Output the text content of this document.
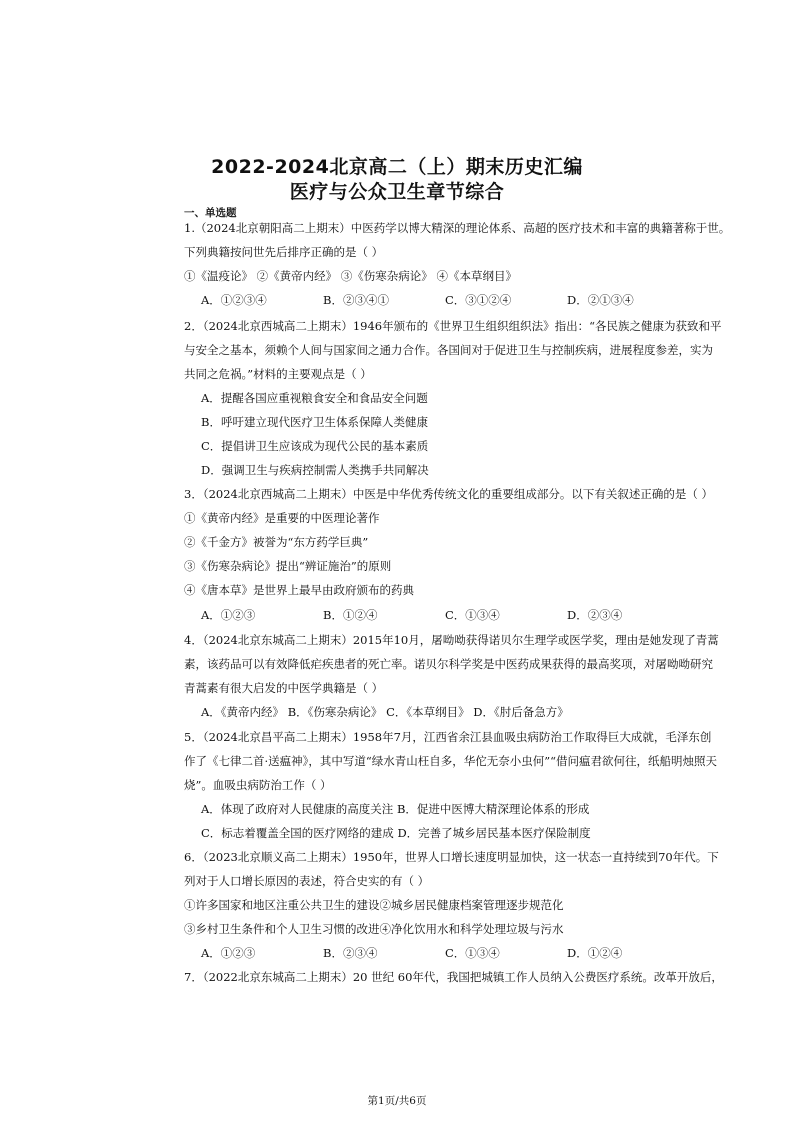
2022-2024北京高二（上）期末历史汇编
医疗与公众卫生章节综合
一、单选题
1.（2024北京朝阳高二上期末）中医药学以博大精深的理论体系、高超的医疗技术和丰富的典籍著称于世。
下列典籍按问世先后排序正确的是（ ）
①《温疫论》 ②《黄帝内经》 ③《伤寒杂病论》 ④《本草纲目》
A．①②③④	B．②③④①	C．③①②④	D．②①③④
2．（2024北京西城高二上期末）1946年颁布的《世界卫生组织组织法》指出：“各民族之健康为获致和平
与安全之基本，须赖个人间与国家间之通力合作。各国间对于促进卫生与控制疾病，进展程度参差，实为
共同之危祸。”材料的主要观点是（ ）
A．提醒各国应重视粮食安全和食品安全问题
B．呼吁建立现代医疗卫生体系保障人类健康
C．提倡讲卫生应该成为现代公民的基本素质
D．强调卫生与疾病控制需人类携手共同解决
3．（2024北京西城高二上期末）中医是中华优秀传统文化的重要组成部分。以下有关叙述正确的是（ ）
①《黄帝内经》是重要的中医理论著作
②《千金方》被誉为“东方药学巨典”
③《伤寒杂病论》提出“辨证施治”的原则
④《唐本草》是世界上最早由政府颁布的药典
A．①②③	B．①②④	C．①③④	D．②③④
4．（2024北京东城高二上期末）2015年10月，屠呦呦获得诺贝尔生理学或医学奖，理由是她发现了青蒿
素，该药品可以有效降低疟疾患者的死亡率。诺贝尔科学奖是中医药成果获得的最高奖项，对屠呦呦研究
青蒿素有很大启发的中医学典籍是（ ）
A．《黄帝内经》 B．《伤寒杂病论》 C．《本草纲目》 D．《肘后备急方》
5．（2024北京昌平高二上期末）1958年7月，江西省余江县血吸虫病防治工作取得巨大成就，毛泽东创
作了《七律二首·送瘟神》，其中写道“绿水青山枉自多，华佗无奈小虫何”“借问瘟君欲何往，纸船明烛照天
烧”。血吸虫病防治工作（ ）
A．体现了政府对人民健康的高度关注 B．促进中医博大精深理论体系的形成
C．标志着覆盖全国的医疗网络的建成 D．完善了城乡居民基本医疗保险制度
6．（2023北京顺义高二上期末）1950年，世界人口增长速度明显加快，这一状态一直持续到70年代。下
列对于人口增长原因的表述，符合史实的有（ ）
①许多国家和地区注重公共卫生的建设②城乡居民健康档案管理逐步规范化
③乡村卫生条件和个人卫生习惯的改进④净化饮用水和科学处理垃圾与污水
A．①②③	B．②③④	C．①③④	D．①②④
7．（2022北京东城高二上期末）20 世纪 60年代，我国把城镇工作人员纳入公费医疗系统。改革开放后，
第1页/共6页
